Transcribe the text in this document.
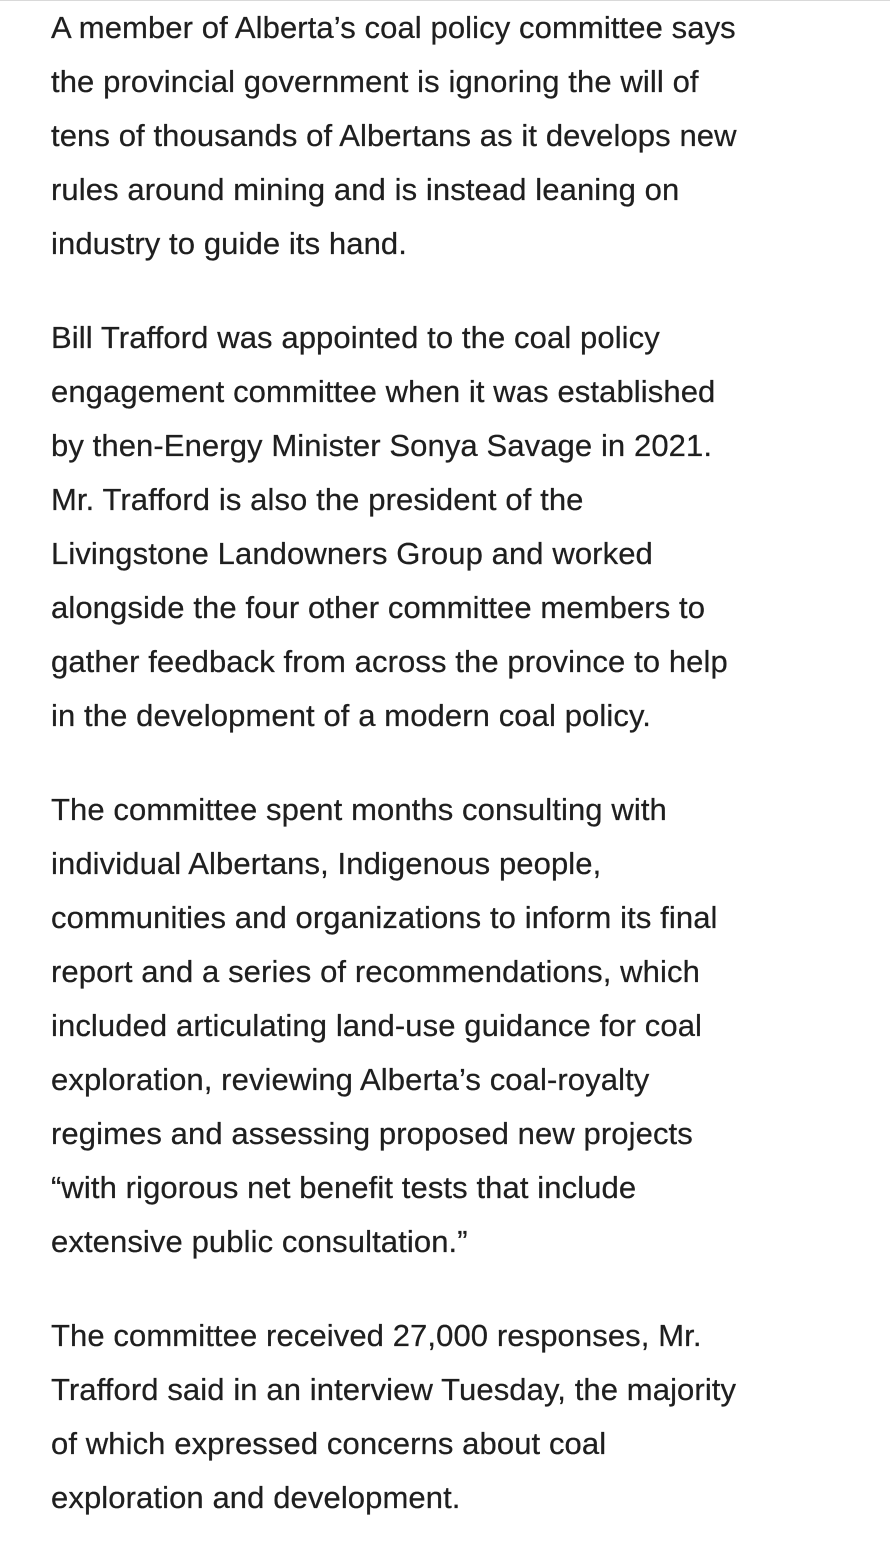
A member of Alberta’s coal policy committee says
the provincial government is ignoring the will of
tens of thousands of Albertans as it develops new
rules around mining and is instead leaning on
industry to guide its hand.

Bill Trafford was appointed to the coal policy
engagement committee when it was established
by then-Energy Minister Sonya Savage in 2021.
Mr. Trafford is also the president of the
Livingstone Landowners Group and worked
alongside the four other committee members to
gather feedback from across the province to help
in the development of a modern coal policy.

The committee spent months consulting with
individual Albertans, Indigenous people,
communities and organizations to inform its final
report and a series of recommendations, which
included articulating land-use guidance for coal
exploration, reviewing Alberta’s coal-royalty
regimes and assessing proposed new projects
“with rigorous net benefit tests that include
extensive public consultation.”

The committee received 27,000 responses, Mr.
Trafford said in an interview Tuesday, the majority
of which expressed concerns about coal
exploration and development.
